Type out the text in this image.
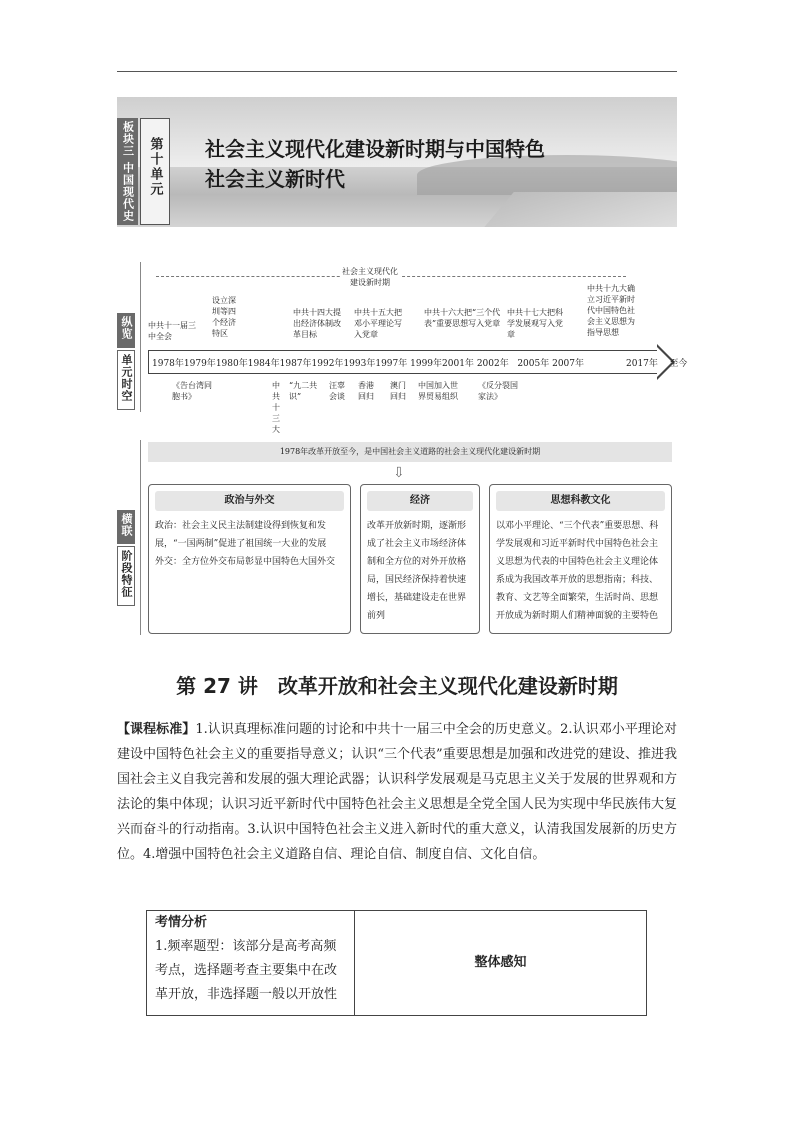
板块三 中国现代史 第十单元 社会主义现代化建设新时期与中国特色
社会主义新时代
纵览
单元时空
社会主义现代化
建设新时期
中共十一届三中全会
设立深圳等四个经济特区
中共十四大提出经济体制改革目标
中共十五大把邓小平理论写入党章
中共十六大把“三个代表”重要思想写入党章
中共十七大把科学发展观写入党章
中共十九大确立习近平新时代中国特色社会主义思想为指导思想
1978年1979年1980年1984年1987年1992年1993年1997年 1999年2001年 2002年 2005年 2007年	2017年 至今
《告台湾同胞书》
中共十三大
“九二共识”
汪辜会谈
香港回归
澳门回归
中国加入世界贸易组织
《反分裂国家法》
横联
阶段特征
1978年改革开放至今，是中国社会主义道路的社会主义现代化建设新时期
⇩
政治与外交
政治：社会主义民主法制建设得到恢复和发展，“一国两制”促进了祖国统一大业的发展
外交：全方位外交布局彰显中国特色大国外交
经济
改革开放新时期，逐渐形成了社会主义市场经济体制和全方位的对外开放格局，国民经济保持着快速增长，基础建设走在世界前列
思想科教文化
以邓小平理论、“三个代表”重要思想、科学发展观和习近平新时代中国特色社会主义思想为代表的中国特色社会主义理论体系成为我国改革开放的思想指南；科技、教育、文艺等全面繁荣，生活时尚、思想开放成为新时期人们精神面貌的主要特色
第 27 讲　改革开放和社会主义现代化建设新时期
【课程标准】1.认识真理标准问题的讨论和中共十一届三中全会的历史意义。2.认识邓小平理论对建设中国特色社会主义的重要指导意义；认识“三个代表”重要思想是加强和改进党的建设、推进我国社会主义自我完善和发展的强大理论武器；认识科学发展观是马克思主义关于发展的世界观和方法论的集中体现；认识习近平新时代中国特色社会主义思想是全党全国人民为实现中华民族伟大复兴而奋斗的行动指南。3.认识中国特色社会主义进入新时代的重大意义，认清我国发展新的历史方位。4.增强中国特色社会主义道路自信、理论自信、制度自信、文化自信。
考情分析
1.频率题型：该部分是高考高频考点，选择题考查主要集中在改革开放，非选择题一般以开放性
	整体感知
